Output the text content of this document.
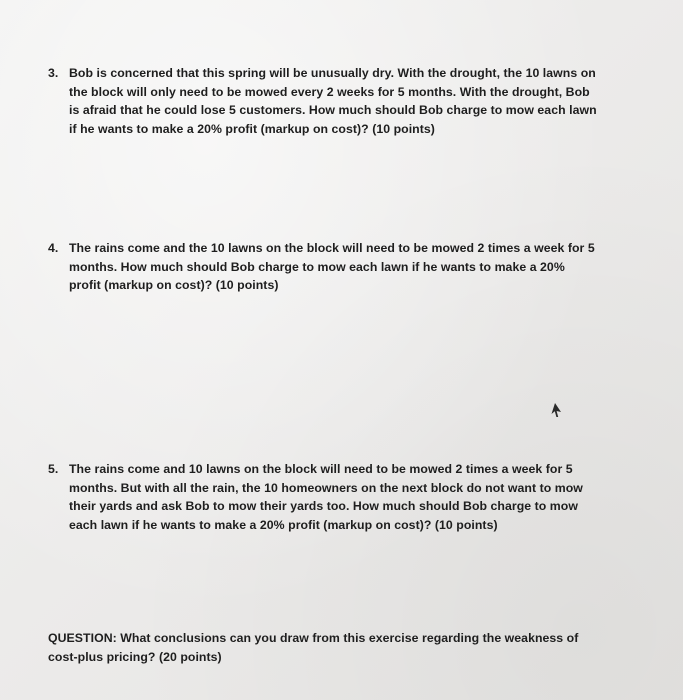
3. Bob is concerned that this spring will be unusually dry. With the drought, the 10 lawns on
the block will only need to be mowed every 2 weeks for 5 months. With the drought, Bob
is afraid that he could lose 5 customers. How much should Bob charge to mow each lawn
if he wants to make a 20% profit (markup on cost)? (10 points)
4. The rains come and the 10 lawns on the block will need to be mowed 2 times a week for 5
months. How much should Bob charge to mow each lawn if he wants to make a 20%
profit (markup on cost)? (10 points)
5. The rains come and 10 lawns on the block will need to be mowed 2 times a week for 5
months. But with all the rain, the 10 homeowners on the next block do not want to mow
their yards and ask Bob to mow their yards too. How much should Bob charge to mow
each lawn if he wants to make a 20% profit (markup on cost)? (10 points)
QUESTION: What conclusions can you draw from this exercise regarding the weakness of
cost-plus pricing? (20 points)
